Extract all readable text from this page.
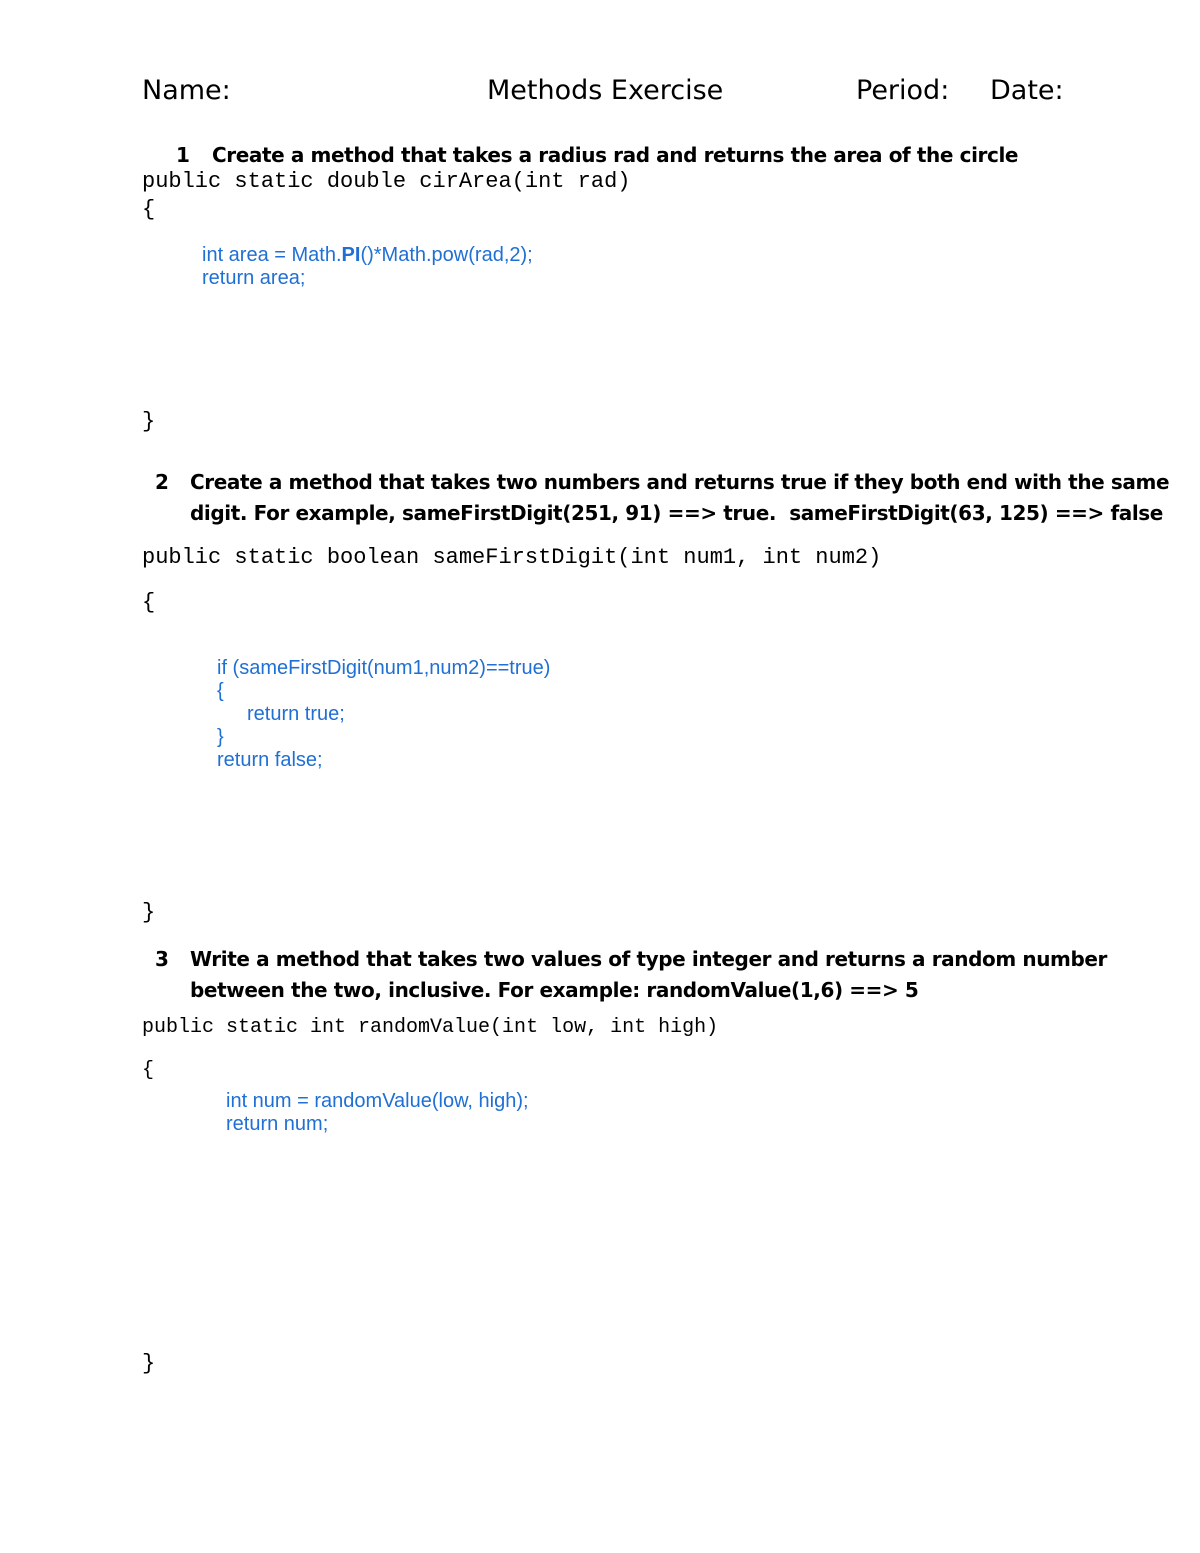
Name:	Methods Exercise	Period: Date:
1 Create a method that takes a radius rad and returns the area of the circle
public static double cirArea(int rad)
{
int area = Math.PI()*Math.pow(rad,2);
return area;
}
2 Create a method that takes two numbers and returns true if they both end with the same
digit. For example, sameFirstDigit(251, 91) ==> true.  sameFirstDigit(63, 125) ==> false
public static boolean sameFirstDigit(int num1, int num2)
{
if (sameFirstDigit(num1,num2)==true)
{
return true;
}
return false;
}
3 Write a method that takes two values of type integer and returns a random number
between the two, inclusive. For example: randomValue(1,6) ==> 5
public static int randomValue(int low, int high)
{
int num = randomValue(low, high);
return num;
}
